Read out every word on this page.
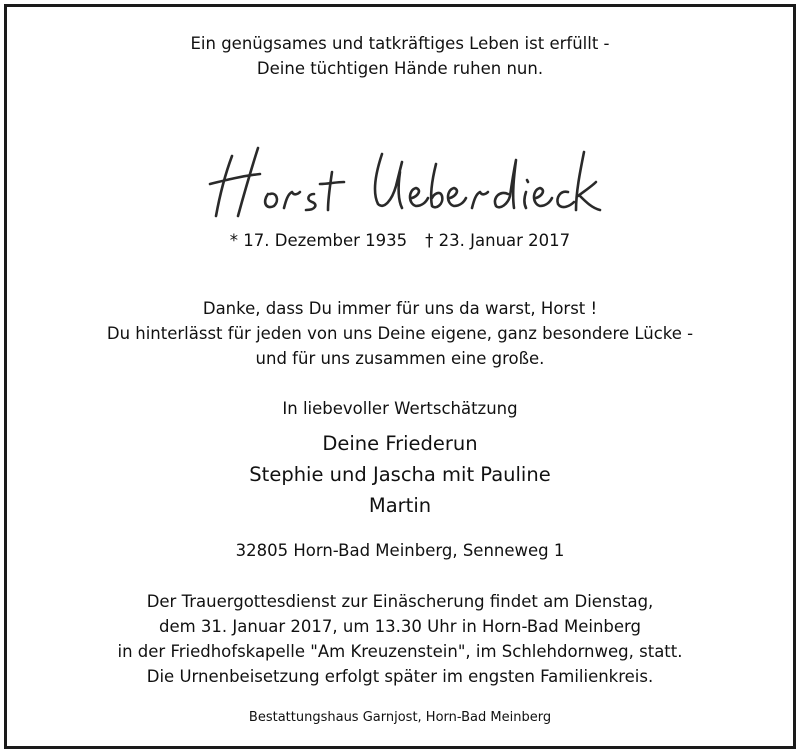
Ein genügsames und tatkräftiges Leben ist erfüllt -
Deine tüchtigen Hände ruhen nun.
* 17. Dezember 1935 † 23. Januar 2017
Danke, dass Du immer für uns da warst, Horst !
Du hinterlässt für jeden von uns Deine eigene, ganz besondere Lücke -
und für uns zusammen eine große.
In liebevoller Wertschätzung
Deine Friederun
Stephie und Jascha mit Pauline
Martin
32805 Horn-Bad Meinberg, Senneweg 1
Der Trauergottesdienst zur Einäscherung findet am Dienstag,
dem 31. Januar 2017, um 13.30 Uhr in Horn-Bad Meinberg
in der Friedhofskapelle "Am Kreuzenstein", im Schlehdornweg, statt.
Die Urnenbeisetzung erfolgt später im engsten Familienkreis.
Bestattungshaus Garnjost, Horn-Bad Meinberg
